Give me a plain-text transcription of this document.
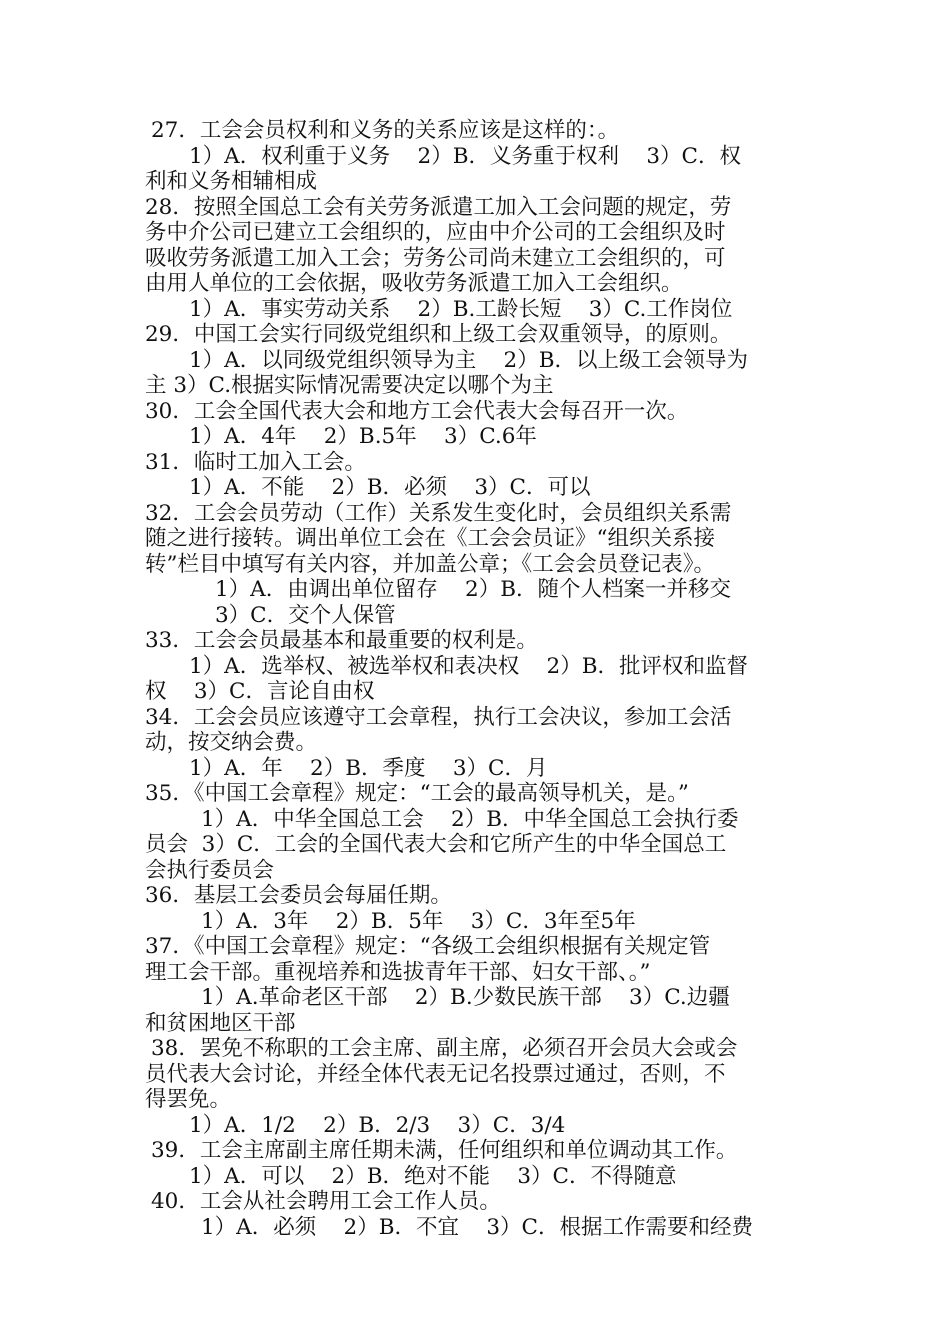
27．工会会员权利和义务的关系应该是这样的：。
1）A．权利重于义务    2）B．义务重于权利    3）C．权
利和义务相辅相成
28．按照全国总工会有关劳务派遣工加入工会问题的规定，劳
务中介公司已建立工会组织的，应由中介公司的工会组织及时
吸收劳务派遣工加入工会；劳务公司尚未建立工会组织的，可
由用人单位的工会依据，吸收劳务派遣工加入工会组织。
1）A．事实劳动关系    2）B.工龄长短    3）C.工作岗位
29．中国工会实行同级党组织和上级工会双重领导，的原则。
1）A．以同级党组织领导为主    2）B．以上级工会领导为
主 3）C.根据实际情况需要决定以哪个为主
30．工会全国代表大会和地方工会代表大会每召开一次。
1）A．4年    2）B.5年    3）C.6年
31．临时工加入工会。
1）A．不能    2）B．必须    3）C．可以
32．工会会员劳动（工作）关系发生变化时，会员组织关系需
随之进行接转。调出单位工会在《工会会员证》“组织关系接
转”栏目中填写有关内容，并加盖公章；《工会会员登记表》。
1）A．由调出单位留存    2）B．随个人档案一并移交
3）C．交个人保管
33．工会会员最基本和最重要的权利是。
1）A．选举权、被选举权和表决权    2）B．批评权和监督
权    3）C．言论自由权
34．工会会员应该遵守工会章程，执行工会决议，参加工会活
动，按交纳会费。
1）A．年    2）B．季度    3）C．月
35．《中国工会章程》规定：“工会的最高领导机关，是。”
1）A．中华全国总工会    2）B．中华全国总工会执行委
员会  3）C．工会的全国代表大会和它所产生的中华全国总工
会执行委员会
36．基层工会委员会每届任期。
1）A．3年    2）B．5年    3）C．3年至5年
37．《中国工会章程》规定：“各级工会组织根据有关规定管
理工会干部。重视培养和选拔青年干部、妇女干部、。”
1）A.革命老区干部    2）B.少数民族干部    3）C.边疆
和贫困地区干部
38．罢免不称职的工会主席、副主席，必须召开会员大会或会
员代表大会讨论，并经全体代表无记名投票过通过，否则，不
得罢免。
1）A．1/2    2）B．2/3    3）C．3/4
39．工会主席副主席任期未满，任何组织和单位调动其工作。
1）A．可以    2）B．绝对不能    3）C．不得随意
40．工会从社会聘用工会工作人员。
1）A．必须    2）B．不宜    3）C．根据工作需要和经费
